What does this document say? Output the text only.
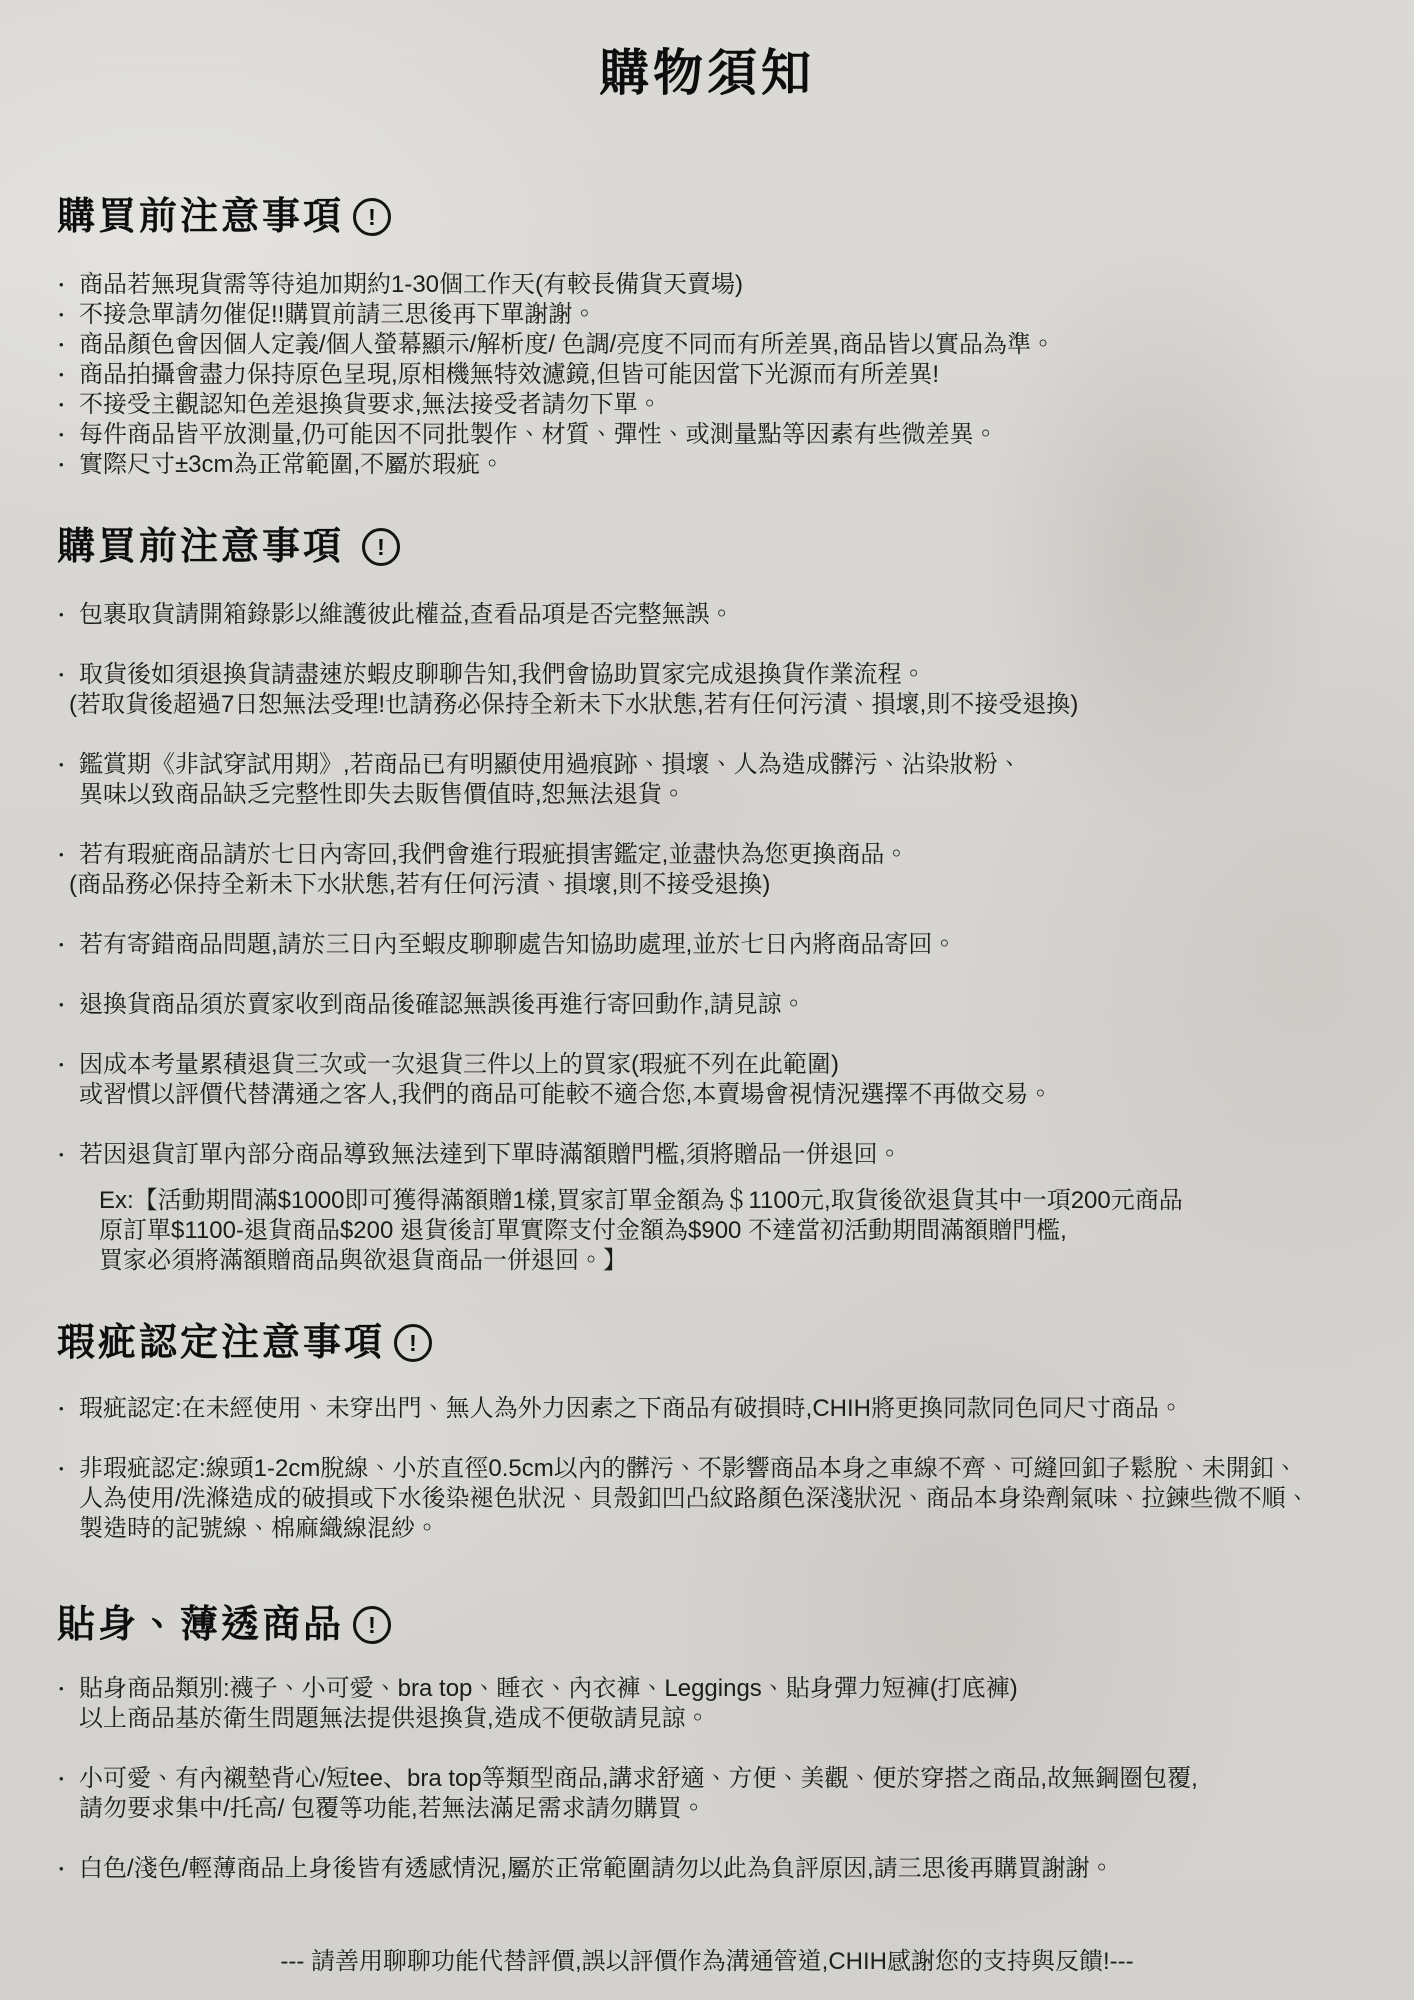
購物須知
購買前注意事項 !
• 商品若無現貨需等待追加期約1-30個工作天(有較長備貨天賣場)
• 不接急單請勿催促!!購買前請三思後再下單謝謝。
• 商品顏色會因個人定義/個人螢幕顯示/解析度/ 色調/亮度不同而有所差異,商品皆以實品為準。
• 商品拍攝會盡力保持原色呈現,原相機無特效濾鏡,但皆可能因當下光源而有所差異!
• 不接受主觀認知色差退換貨要求,無法接受者請勿下單。
• 每件商品皆平放測量,仍可能因不同批製作、材質、彈性、或測量點等因素有些微差異。
• 實際尺寸±3cm為正常範圍,不屬於瑕疵。
購買前注意事項 !
• 包裹取貨請開箱錄影以維護彼此權益,查看品項是否完整無誤。
• 取貨後如須退換貨請盡速於蝦皮聊聊告知,我們會協助買家完成退換貨作業流程。
(若取貨後超過7日恕無法受理!也請務必保持全新未下水狀態,若有任何污漬、損壞,則不接受退換)
• 鑑賞期《非試穿試用期》,若商品已有明顯使用過痕跡、損壞、人為造成髒污、沾染妝粉、
異味以致商品缺乏完整性即失去販售價值時,恕無法退貨。
• 若有瑕疵商品請於七日內寄回,我們會進行瑕疵損害鑑定,並盡快為您更換商品。
(商品務必保持全新未下水狀態,若有任何污漬、損壞,則不接受退換)
• 若有寄錯商品問題,請於三日內至蝦皮聊聊處告知協助處理,並於七日內將商品寄回。
• 退換貨商品須於賣家收到商品後確認無誤後再進行寄回動作,請見諒。
• 因成本考量累積退貨三次或一次退貨三件以上的買家(瑕疵不列在此範圍)
或習慣以評價代替溝通之客人,我們的商品可能較不適合您,本賣場會視情況選擇不再做交易。
• 若因退貨訂單內部分商品導致無法達到下單時滿額贈門檻,須將贈品一併退回。
Ex:【活動期間滿$1000即可獲得滿額贈1樣,買家訂單金額為＄1100元,取貨後欲退貨其中一項200元商品
原訂單$1100-退貨商品$200 退貨後訂單實際支付金額為$900 不達當初活動期間滿額贈門檻,
買家必須將滿額贈商品與欲退貨商品一併退回。】
瑕疵認定注意事項 !
• 瑕疵認定:在未經使用、未穿出門、無人為外力因素之下商品有破損時,CHIH將更換同款同色同尺寸商品。
• 非瑕疵認定:線頭1-2cm脫線、小於直徑0.5cm以內的髒污、不影響商品本身之車線不齊、可縫回釦子鬆脫、未開釦、
人為使用/洗滌造成的破損或下水後染褪色狀況、貝殼釦凹凸紋路顏色深淺狀況、商品本身染劑氣味、拉鍊些微不順、
製造時的記號線、棉麻織線混紗。
貼身、薄透商品 !
• 貼身商品類別:襪子、小可愛、bra top、睡衣、內衣褲、Leggings、貼身彈力短褲(打底褲)
以上商品基於衛生問題無法提供退換貨,造成不便敬請見諒。
• 小可愛、有內襯墊背心/短tee、bra top等類型商品,講求舒適、方便、美觀、便於穿搭之商品,故無鋼圈包覆,
請勿要求集中/托高/ 包覆等功能,若無法滿足需求請勿購買。
• 白色/淺色/輕薄商品上身後皆有透感情況,屬於正常範圍請勿以此為負評原因,請三思後再購買謝謝。
--- 請善用聊聊功能代替評價,誤以評價作為溝通管道,CHIH感謝您的支持與反饋!---
